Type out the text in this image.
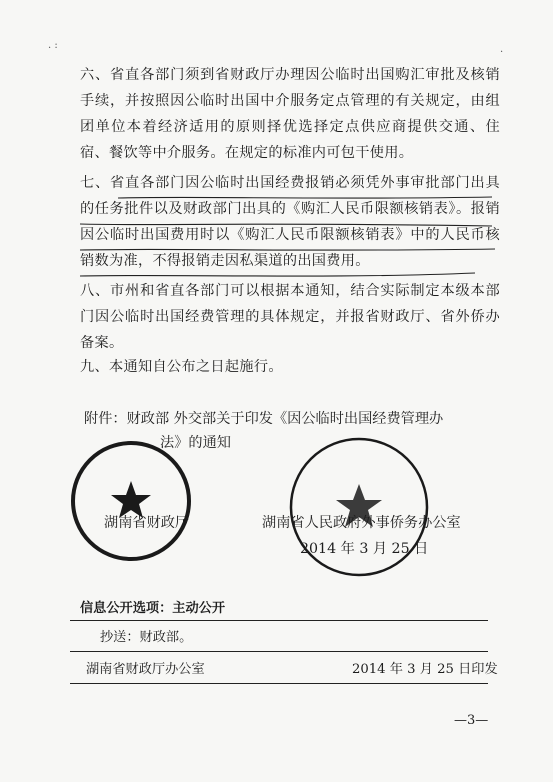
. :	.
六、省直各部门须到省财政厅办理因公临时出国购汇审批及核销手续，并按照因公临时出国中介服务定点管理的有关规定，由组团单位本着经济适用的原则择优选择定点供应商提供交通、住宿、餐饮等中介服务。在规定的标准内可包干使用。
七、省直各部门因公临时出国经费报销必须凭外事审批部门出具的任务批件以及财政部门出具的《购汇人民币限额核销表》。报销因公临时出国费用时以《购汇人民币限额核销表》中的人民币核销数为准，不得报销走因私渠道的出国费用。
八、市州和省直各部门可以根据本通知，结合实际制定本级本部门因公临时出国经费管理的具体规定，并报省财政厅、省外侨办备案。
九、本通知自公布之日起施行。
附件：财政部 外交部关于印发《因公临时出国经费管理办
法》的通知
湖南省财政厅	湖南省人民政府外事侨务办公室
2014 年 3 月 25 日
信息公开选项：主动公开
抄送：财政部。
湖南省财政厅办公室	2014 年 3 月 25 日印发
—3—
